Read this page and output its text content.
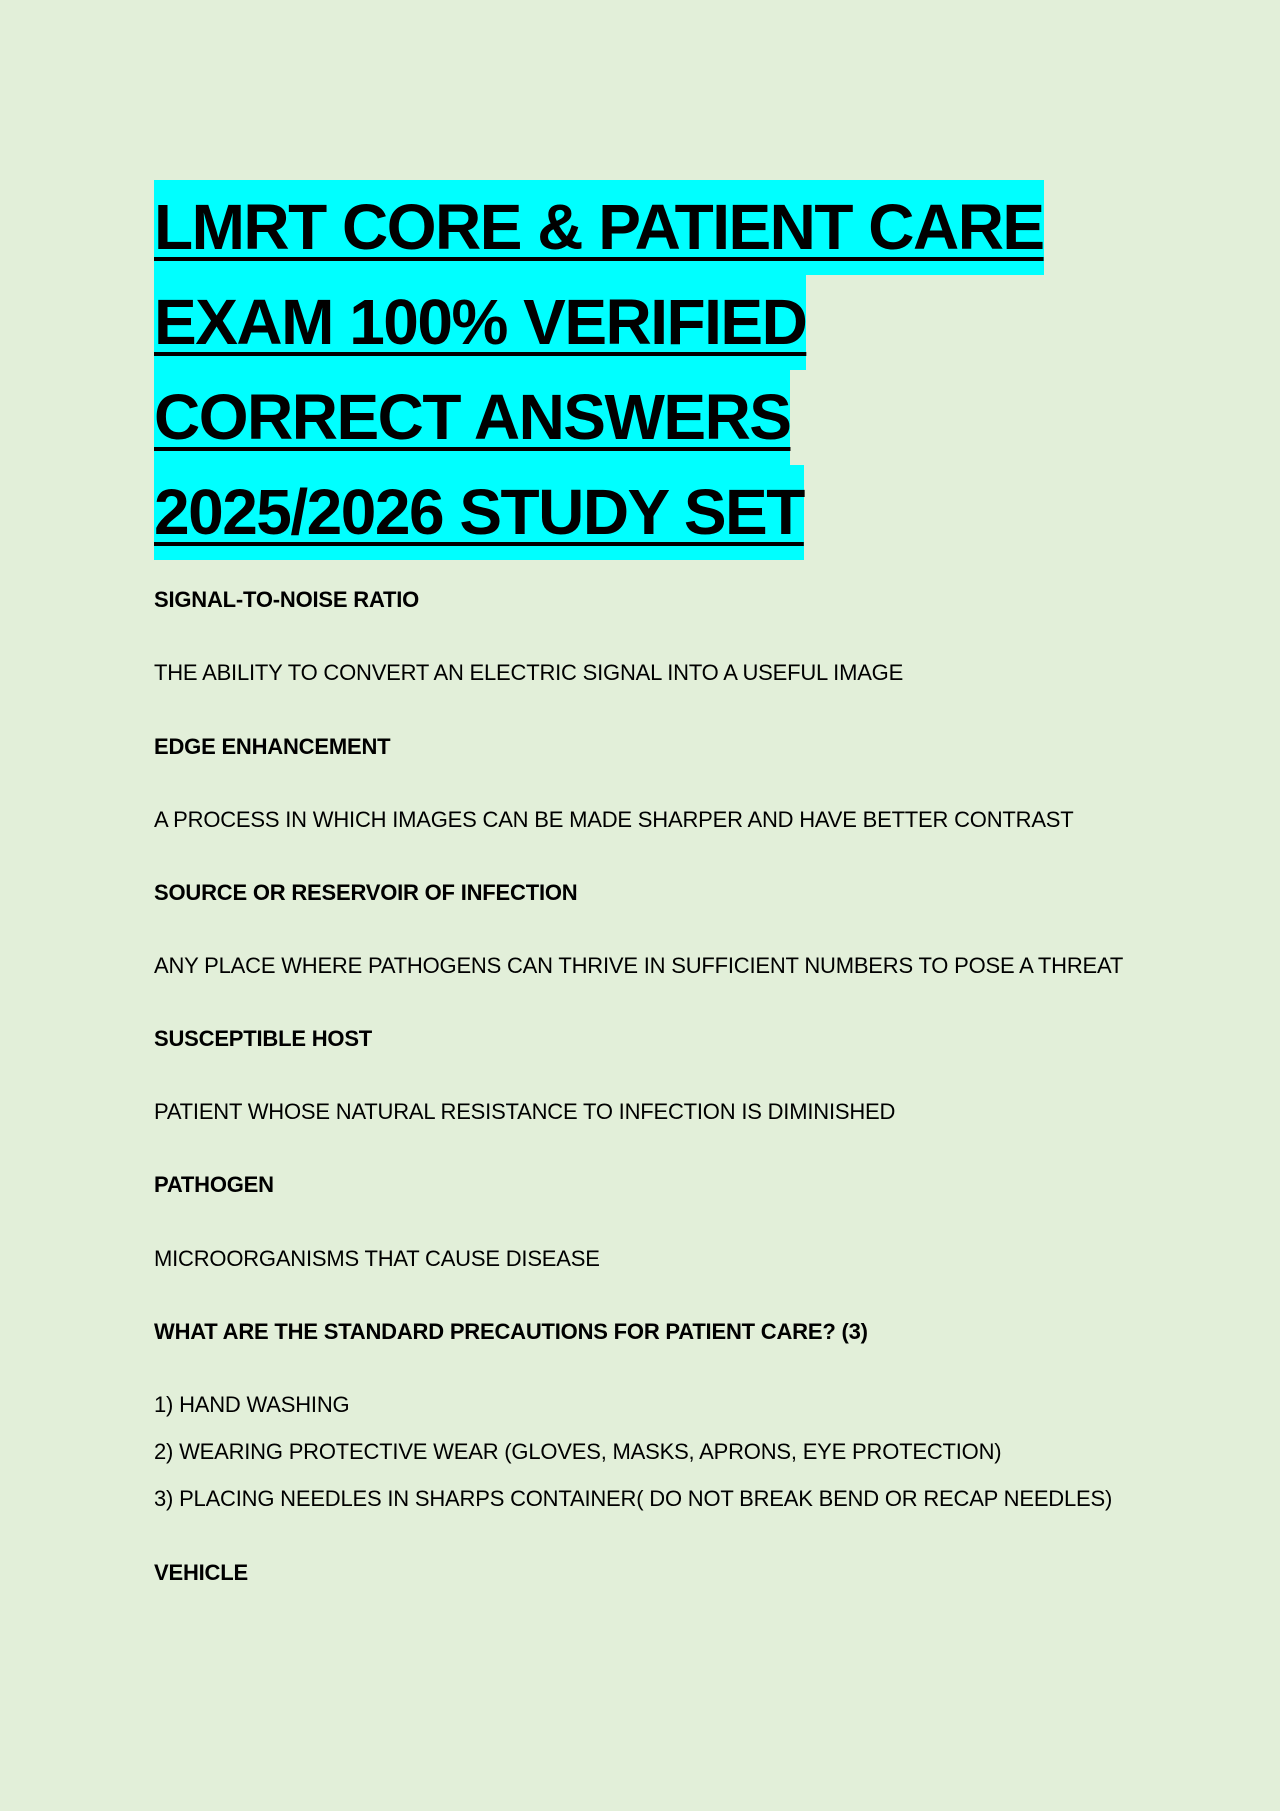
LMRT CORE & PATIENT CARE
EXAM 100% VERIFIED
CORRECT ANSWERS
2025/2026 STUDY SET
SIGNAL-TO-NOISE RATIO
THE ABILITY TO CONVERT AN ELECTRIC SIGNAL INTO A USEFUL IMAGE
EDGE ENHANCEMENT
A PROCESS IN WHICH IMAGES CAN BE MADE SHARPER AND HAVE BETTER CONTRAST
SOURCE OR RESERVOIR OF INFECTION
ANY PLACE WHERE PATHOGENS CAN THRIVE IN SUFFICIENT NUMBERS TO POSE A THREAT
SUSCEPTIBLE HOST
PATIENT WHOSE NATURAL RESISTANCE TO INFECTION IS DIMINISHED
PATHOGEN
MICROORGANISMS THAT CAUSE DISEASE
WHAT ARE THE STANDARD PRECAUTIONS FOR PATIENT CARE? (3)
1) HAND WASHING
2) WEARING PROTECTIVE WEAR (GLOVES, MASKS, APRONS, EYE PROTECTION)
3) PLACING NEEDLES IN SHARPS CONTAINER( DO NOT BREAK BEND OR RECAP NEEDLES)
VEHICLE
